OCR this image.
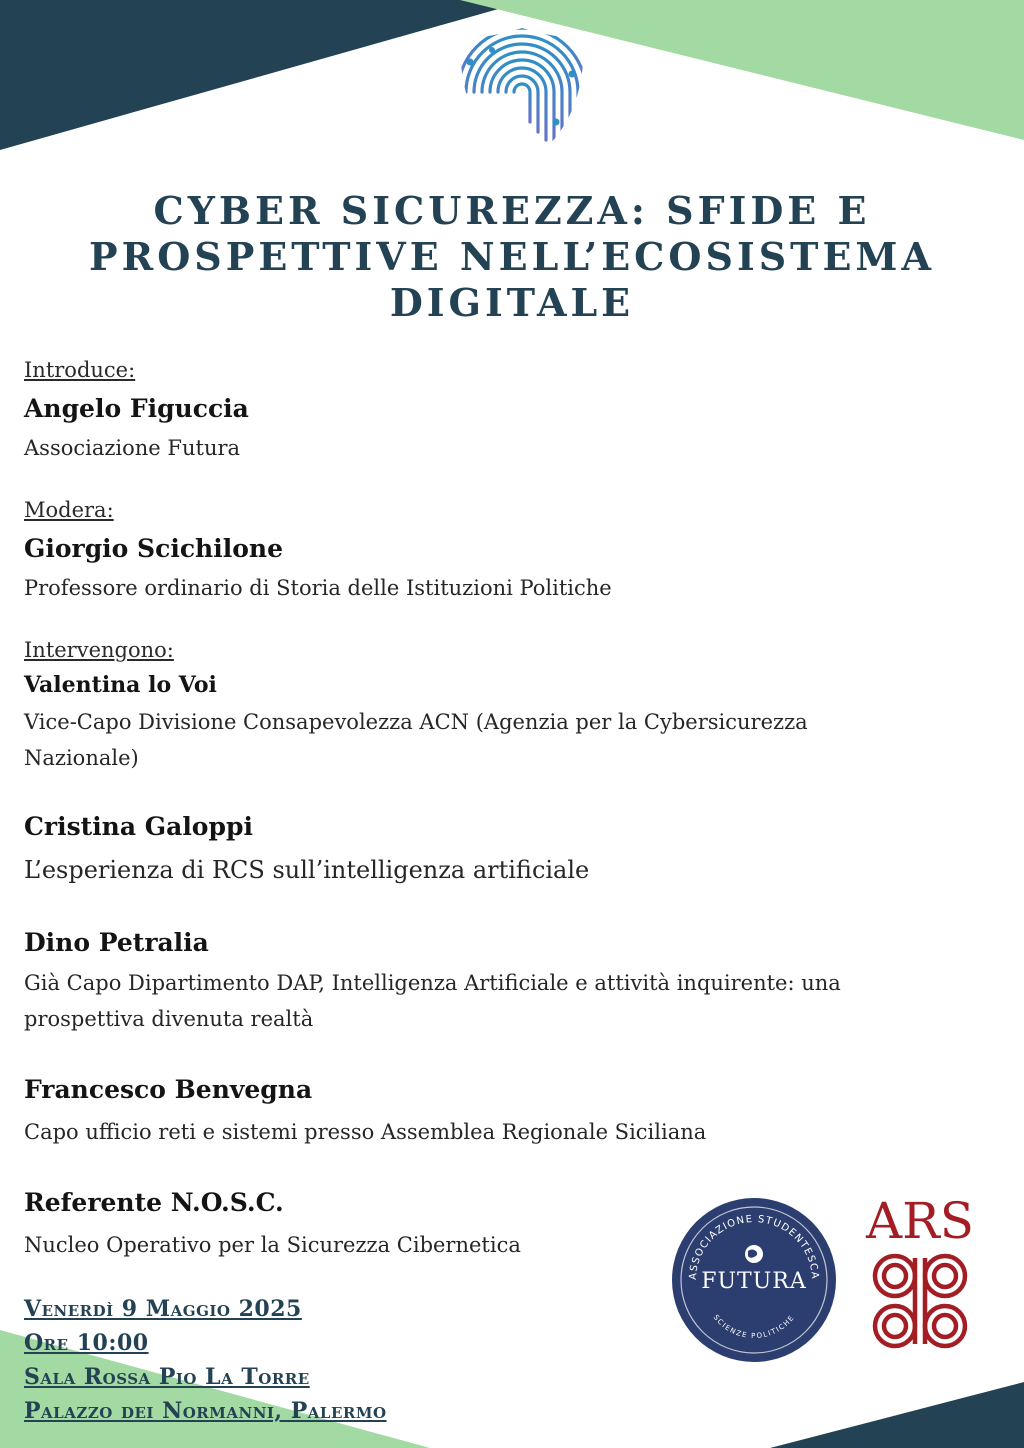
CYBER SICUREZZA: SFIDE E
PROSPETTIVE NELL’ECOSISTEMA
DIGITALE
Introduce:
Angelo Figuccia
Associazione Futura
Modera:
Giorgio Scichilone
Professore ordinario di Storia delle Istituzioni Politiche
Intervengono:
Valentina lo Voi
Vice-Capo Divisione Consapevolezza ACN (Agenzia per la Cybersicurezza
Nazionale)
Cristina Galoppi
L’esperienza di RCS sull’intelligenza artificiale
Dino Petralia
Già Capo Dipartimento DAP, Intelligenza Artificiale e attività inquirente: una
prospettiva divenuta realtà
Francesco Benvegna
Capo ufficio reti e sistemi presso Assemblea Regionale Siciliana
Referente N.O.S.C.
Nucleo Operativo per la Sicurezza Cibernetica
Venerdì 9 Maggio 2025
Ore 10:00
Sala Rossa Pio La Torre
Palazzo dei Normanni, Palermo
ASSOCIAZIONE STUDENTESCA
FUTURA
SCIENZE POLITICHE
ARS
